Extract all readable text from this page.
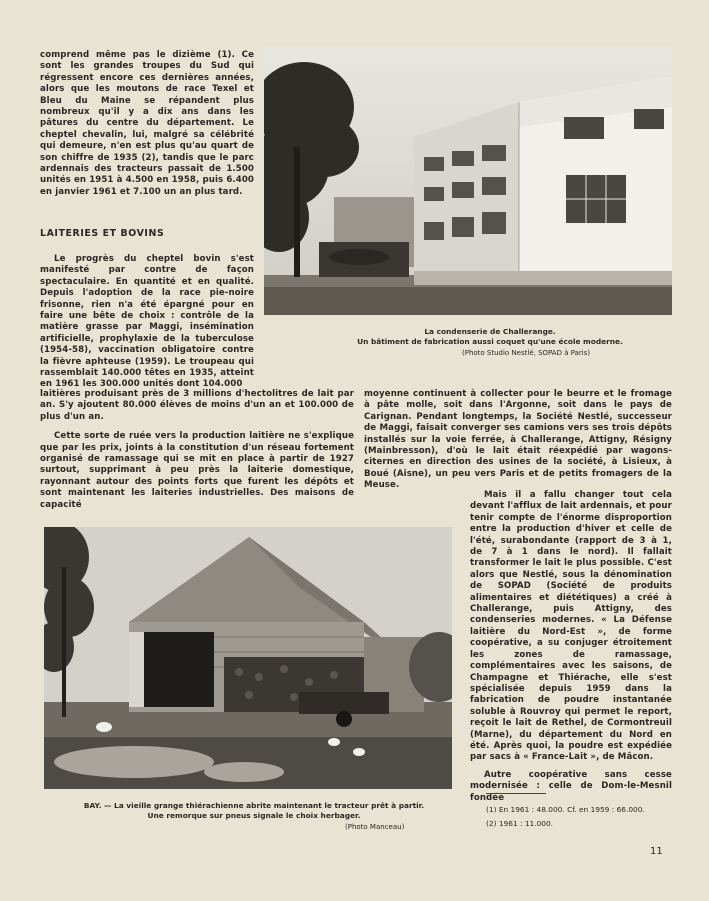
comprend même pas le dizième (1). Ce sont les grandes troupes du Sud qui régressent encore ces dernières années, alors que les moutons de race Texel et Bleu du Maine se répandent plus nombreux qu'il y a dix ans dans les pâtures du centre du département. Le cheptel chevalin, lui, malgré sa célébrité qui demeure, n'en est plus qu'au quart de son chiffre de 1935 (2), tandis que le parc ardennais des tracteurs passait de 1.500 unités en 1951 à 4.500 en 1958, puis 6.400 en janvier 1961 et 7.100 un an plus tard.

LAITERIES ET BOVINS

Le progrès du cheptel bovin s'est manifesté par contre de façon spectaculaire. En quantité et en qualité. Depuis l'adoption de la race pie-noire frisonne, rien n'a été épargné pour en faire une bête de choix : contrôle de la matière grasse par Maggi, insémination artificielle, prophylaxie de la tuberculose (1954-58), vaccination obligatoire contre la fièvre aphteuse (1959). Le troupeau qui rassemblait 140.000 têtes en 1935, atteint en 1961 les 300.000 unités dont 104.000

laitières produisant près de 3 millions d'hectolitres de lait par an. S'y ajoutent 80.000 élèves de moins d'un an et 100.000 de plus d'un an.

Cette sorte de ruée vers la production laitière ne s'explique que par les prix, joints à la constitution d'un réseau fortement organisé de ramassage qui se mit en place à partir de 1927 surtout, supprimant à peu près la laiterie domestique, rayonnant autour des points forts que furent les dépôts et sont maintenant les laiteries industrielles. Des maisons de capacité

La condenserie de Challerange.
Un bâtiment de fabrication aussi coquet qu'une école moderne.
(Photo Studio Nestlé, SOPAD à Paris)

moyenne continuent à collecter pour le beurre et le fromage à pâte molle, soit dans l'Argonne, soit dans le pays de Carignan. Pendant longtemps, la Société Nestlé, successeur de Maggi, faisait converger ses camions vers ses trois dépôts installés sur la voie ferrée, à Challerange, Attigny, Résigny (Mainbresson), d'où le lait était réexpédié par wagons-citernes en direction des usines de la société, à Lisieux, à Boué (Aisne), un peu vers Paris et de petits fromagers de la Meuse.

Mais il a fallu changer tout cela devant l'afflux de lait ardennais, et pour tenir compte de l'énorme disproportion entre la production d'hiver et celle de l'été, surabondante (rapport de 3 à 1, de 7 à 1 dans le nord). Il fallait transformer le lait le plus possible. C'est alors que Nestlé, sous la dénomination de SOPAD (Société de produits alimentaires et diététiques) a créé à Challerange, puis Attigny, des condenseries modernes. « La Défense laitière du Nord-Est », de forme coopérative, a su conjuger étroitement les zones de ramassage, complémentaires avec les saisons, de Champagne et Thiérache, elle s'est spécialisée depuis 1959 dans la fabrication de poudre instantanée soluble à Rouvroy qui permet le report, reçoit le lait de Rethel, de Cormontreuil (Marne), du département du Nord en été. Après quoi, la poudre est expédiée par sacs à « France-Lait », de Mâcon.

Autre coopérative sans cesse modernisée : celle de Dom-le-Mesnil fondée

BAY. — La vieille grange thiérachienne abrite maintenant le tracteur prêt à partir.
Une remorque sur pneus signale le choix herbager.
(Photo Manceau)
(1) En 1961 : 48.000. Cf. en 1959 : 66.000.
(2) 1961 : 11.000.
11
